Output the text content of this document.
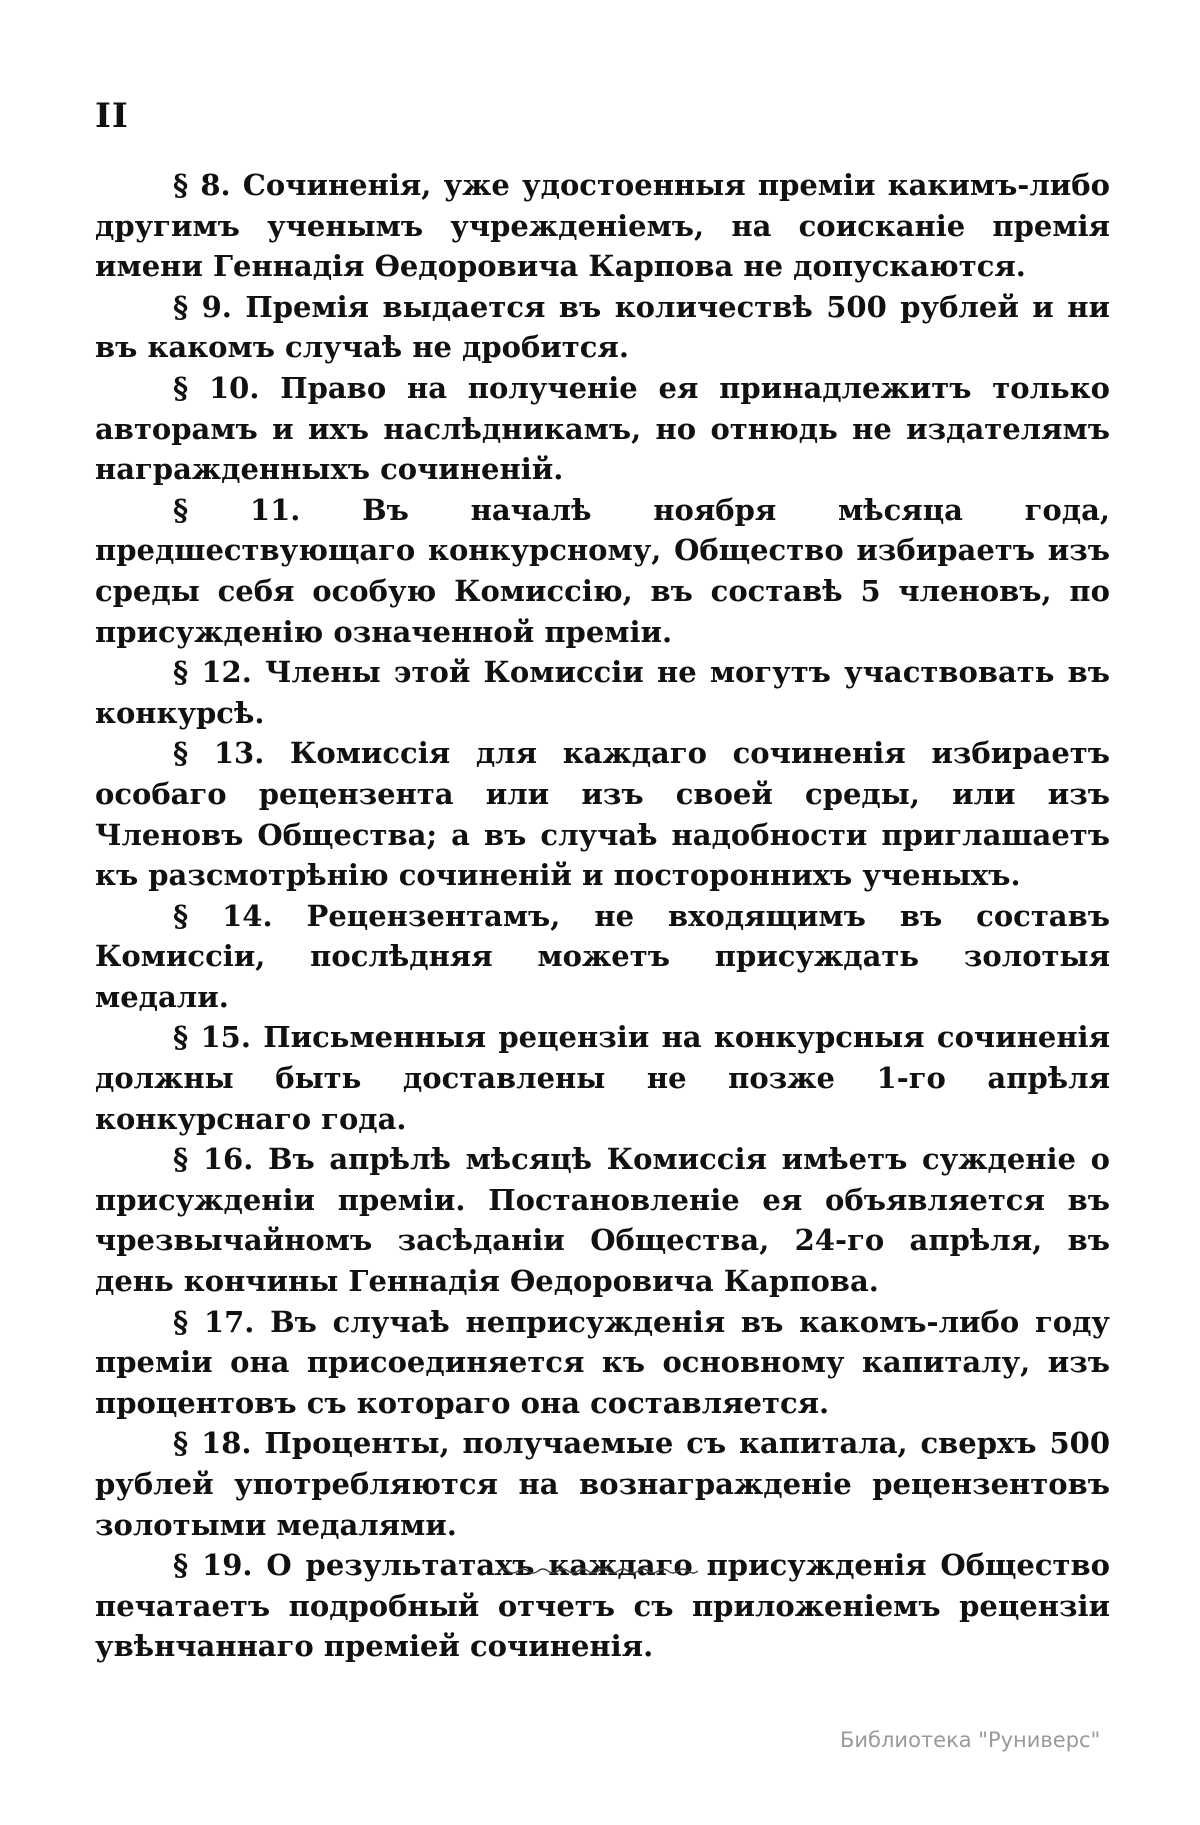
II

§ 8. Сочиненія, уже удостоенныя преміи какимъ-либо другимъ ученымъ учрежденіемъ, на соисканіе премія имени Геннадія Өедоровича Карпова не допускаются.

§ 9. Премія выдается въ количествѣ 500 рублей и ни въ какомъ случаѣ не дробится.

§ 10. Право на полученіе ея принадлежитъ только авторамъ и ихъ наслѣдникамъ, но отнюдь не издателямъ награжденныхъ сочиненій.

§ 11. Въ началѣ ноября мѣсяца года, предшествующаго конкурсному, Общество избираетъ изъ среды себя особую Комиссію, въ составѣ 5 членовъ, по присужденію означенной преміи.

§ 12. Члены этой Комиссіи не могутъ участвовать въ конкурсѣ.

§ 13. Комиссія для каждаго сочиненія избираетъ особаго рецензента или изъ своей среды, или изъ Членовъ Общества; а въ случаѣ надобности приглашаетъ къ разсмотрѣнію сочиненій и постороннихъ ученыхъ.

§ 14. Рецензентамъ, не входящимъ въ составъ Комиссіи, послѣдняя можетъ присуждать золотыя медали.

§ 15. Письменныя рецензіи на конкурсныя сочиненія должны быть доставлены не позже 1-го апрѣля конкурснаго года.

§ 16. Въ апрѣлѣ мѣсяцѣ Комиссія имѣетъ сужденіе о присужденіи преміи. Постановленіе ея объявляется въ чрезвычайномъ засѣданіи Общества, 24-го апрѣля, въ день кончины Геннадія Өедоровича Карпова.

§ 17. Въ случаѣ неприсужденія въ какомъ-либо году преміи она присоединяется къ основному капиталу, изъ процентовъ съ котораго она составляется.

§ 18. Проценты, получаемые съ капитала, сверхъ 500 рублей употребляются на вознагражденіе рецензентовъ золотыми медалями.

§ 19. О результатахъ каждаго присужденія Общество печатаетъ подробный отчетъ съ приложеніемъ рецензіи увѣнчаннаго преміей сочиненія.

Библиотека "Руниверс"
